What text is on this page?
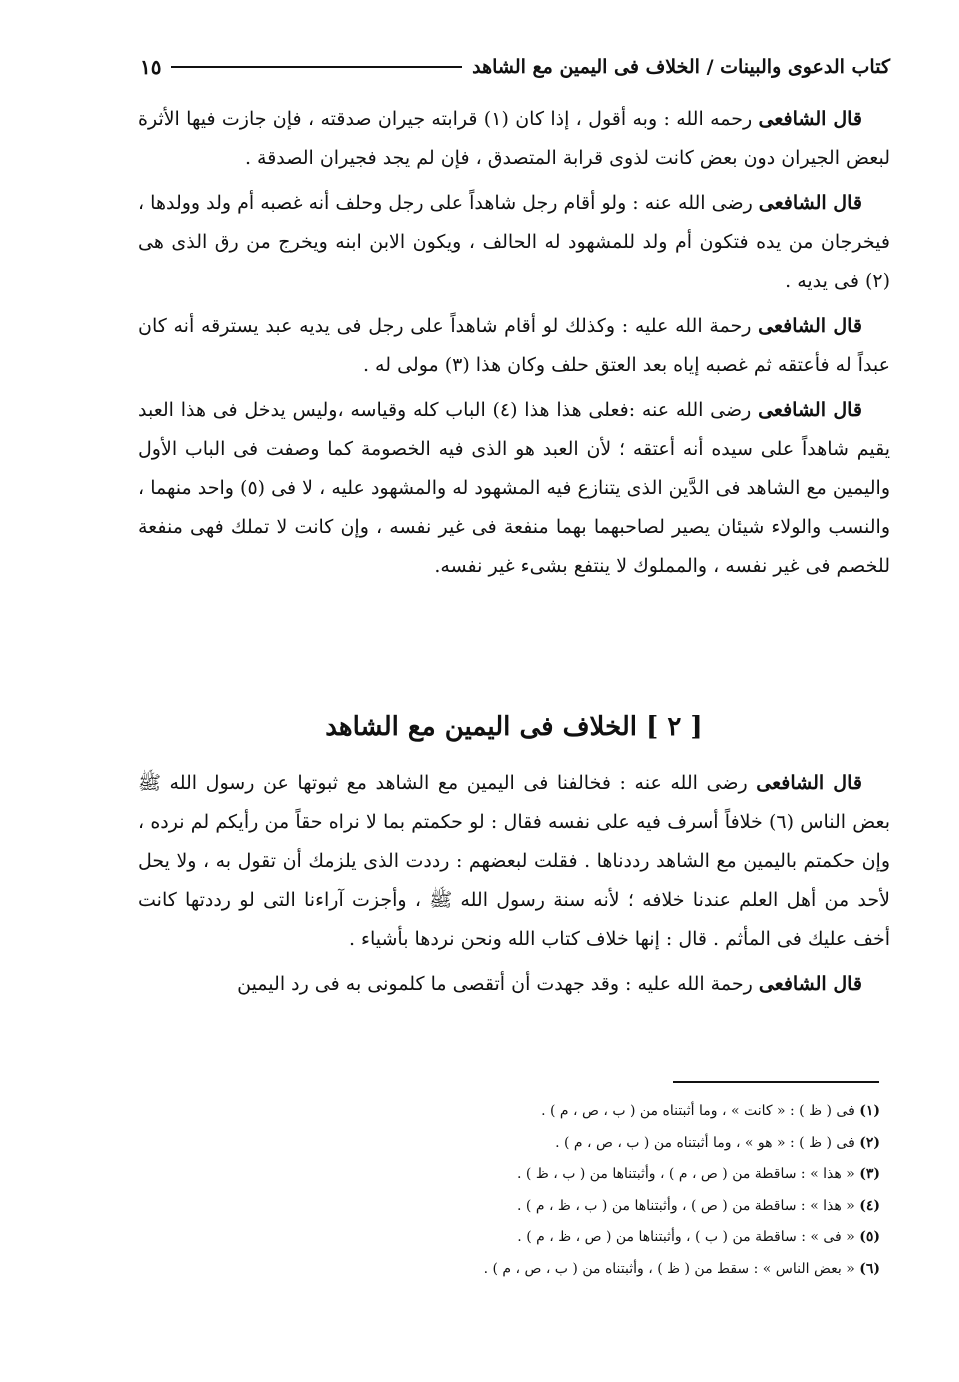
كتاب الدعوى والبينات / الخلاف فى اليمين مع الشاهد
١٥

قال الشافعى رحمه الله : وبه أقول ، إذا كان (١) قرابته جيران صدقته ، فإن جازت فيها الأثرة لبعض الجيران دون بعض كانت لذوى قرابة المتصدق ، فإن لم يجد فجيران الصدقة .

قال الشافعى رضى الله عنه : ولو أقام رجل شاهداً على رجل وحلف أنه غصبه أم ولد وولدها ، فيخرجان من يده فتكون أم ولد للمشهود له الحالف ، ويكون الابن ابنه ويخرج من رق الذى هى (٢) فى يديه .

قال الشافعى رحمة الله عليه : وكذلك لو أقام شاهداً على رجل فى يديه عبد يسترقه أنه كان عبداً له فأعتقه ثم غصبه إياه بعد العتق حلف وكان هذا (٣) مولى له .

قال الشافعى رضى الله عنه :فعلى هذا هذا (٤) الباب كله وقياسه ،وليس يدخل فى هذا العبد يقيم شاهداً على سيده أنه أعتقه ؛ لأن العبد هو الذى فيه الخصومة كما وصفت فى الباب الأول واليمين مع الشاهد فى الدَّين الذى يتنازع فيه المشهود له والمشهود عليه ، لا فى (٥) واحد منهما ، والنسب والولاء شيئان يصير لصاحبهما بهما منفعة فى غير نفسه ، وإن كانت لا تملك فهى منفعة للخصم فى غير نفسه ، والمملوك لا ينتفع بشىء غير نفسه.

[ ٢ ] الخلاف فى اليمين مع الشاهد

قال الشافعى رضى الله عنه : فخالفنا فى اليمين مع الشاهد مع ثبوتها عن رسول الله ﷺ بعض الناس (٦) خلافاً أسرف فيه على نفسه فقال : لو حكمتم بما لا نراه حقاً من رأيكم لم نرده ، وإن حكمتم باليمين مع الشاهد رددناها . فقلت لبعضهم : رددت الذى يلزمك أن تقول به ، ولا يحل لأحد من أهل العلم عندنا خلافه ؛ لأنه سنة رسول الله ﷺ ، وأجزت آراءنا التى لو رددتها كانت أخف عليك فى المأثم . قال : إنها خلاف كتاب الله ونحن نردها بأشياء .

قال الشافعى رحمة الله عليه : وقد جهدت أن أتقصى ما كلمونى به فى رد اليمين

(١) فى ( ظ ) : « كانت » ، وما أثبتناه من ( ب ، ص ، م ) .
(٢) فى ( ظ ) : « هو » ، وما أثبتناه من ( ب ، ص ، م ) .
(٣) « هذا » : ساقطة من ( ص ، م ) ، وأثبتناها من ( ب ، ظ ) .
(٤) « هذا » : ساقطة من ( ص ) ، وأثبتناها من ( ب ، ظ ، م ) .
(٥) « فى » : ساقطة من ( ب ) ، وأثبتناها من ( ص ، ظ ، م ) .
(٦) « بعض الناس » : سقط من ( ظ ) ، وأثبتناه من ( ب ، ص ، م ) .
